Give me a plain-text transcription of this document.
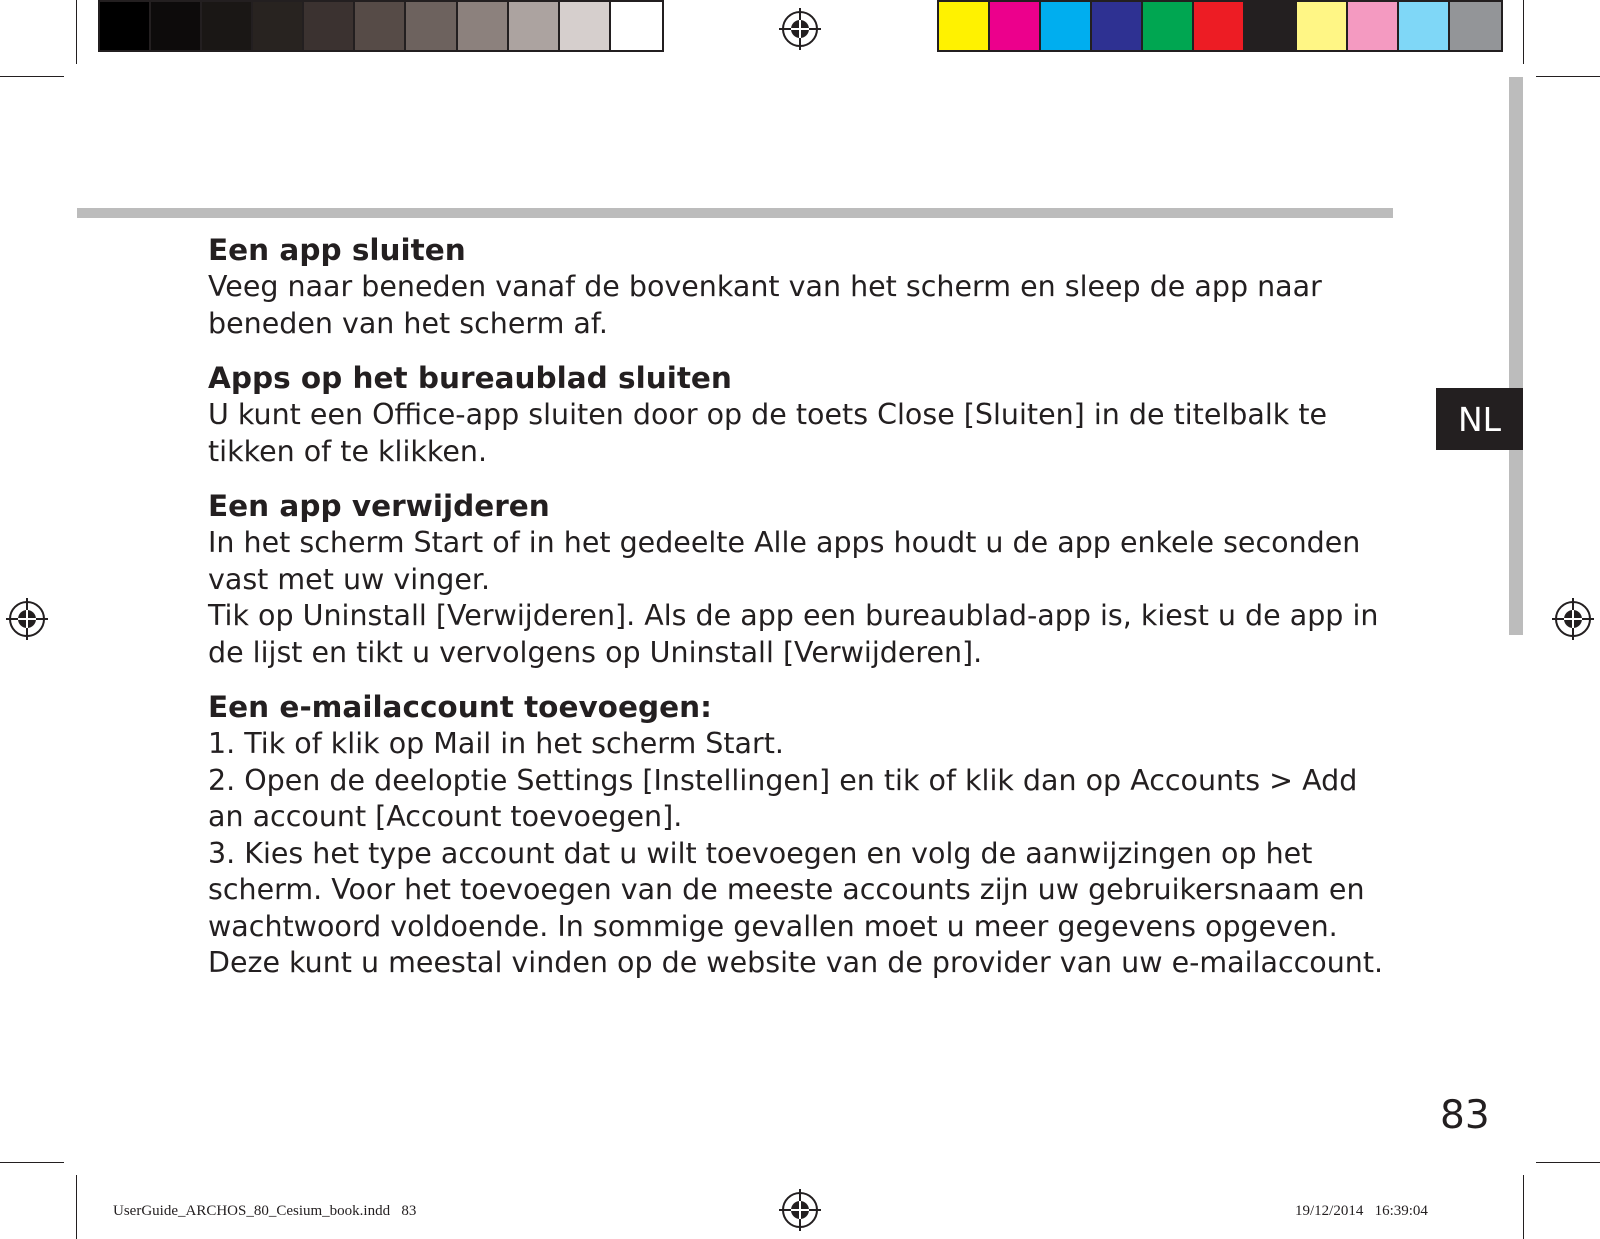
NL
Een app sluiten

Veeg naar beneden vanaf de bovenkant van het scherm en sleep de app naar beneden van het scherm af.

Apps op het bureaublad sluiten

U kunt een Office-app sluiten door op de toets Close [Sluiten] in de titelbalk te tikken of te klikken.

Een app verwijderen

In het scherm Start of in het gedeelte Alle apps houdt u de app enkele seconden vast met uw vinger.

Tik op Uninstall [Verwijderen]. Als de app een bureaublad-app is, kiest u de app in de lijst en tikt u vervolgens op Uninstall [Verwijderen].

Een e-mailaccount toevoegen:

1. Tik of klik op Mail in het scherm Start.

2. Open de deeloptie Settings [Instellingen] en tik of klik dan op Accounts > Add an account [Account toevoegen].

3. Kies het type account dat u wilt toevoegen en volg de aanwijzingen op het scherm. Voor het toevoegen van de meeste accounts zijn uw gebruikersnaam en wachtwoord voldoende. In sommige gevallen moet u meer gegevens opgeven. Deze kunt u meestal vinden op de website van de provider van uw e-mailaccount.

83
UserGuide_ARCHOS_80_Cesium_book.indd   83	19/12/2014   16:39:04
